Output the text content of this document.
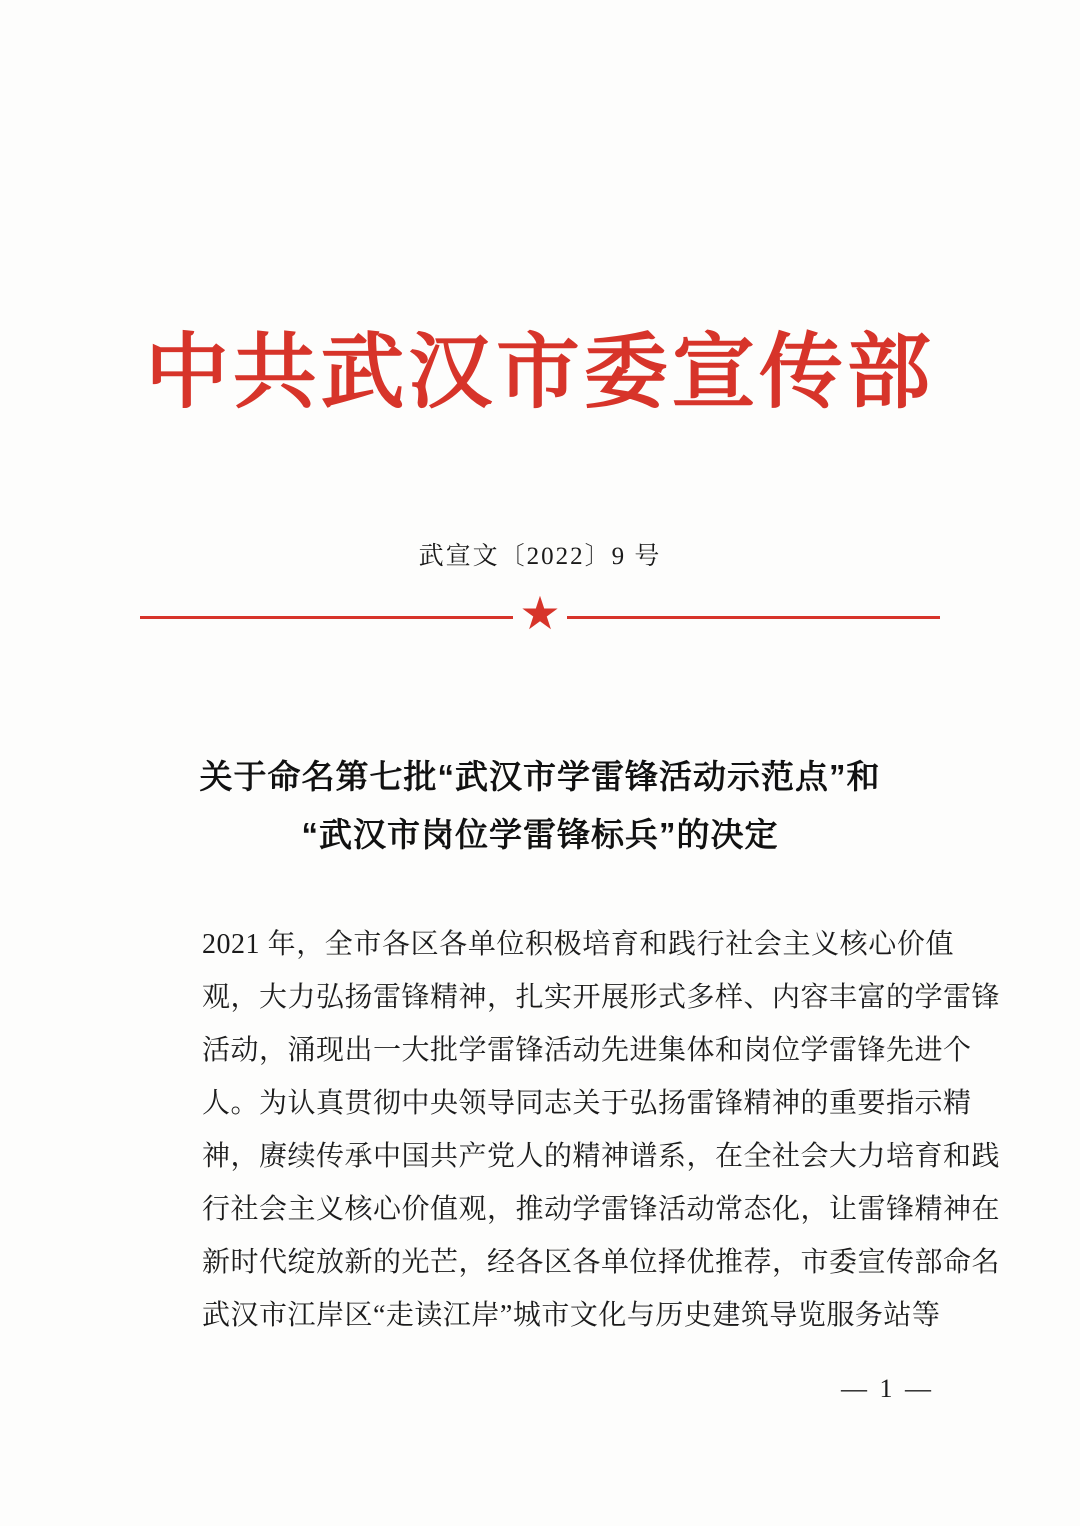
中共武汉市委宣传部
武宣文〔2022〕9 号
★
关于命名第七批“武汉市学雷锋活动示范点”和
“武汉市岗位学雷锋标兵”的决定

2021 年，全市各区各单位积极培育和践行社会主义核心价值
观，大力弘扬雷锋精神，扎实开展形式多样、内容丰富的学雷锋
活动，涌现出一大批学雷锋活动先进集体和岗位学雷锋先进个
人。为认真贯彻中央领导同志关于弘扬雷锋精神的重要指示精
神，赓续传承中国共产党人的精神谱系，在全社会大力培育和践
行社会主义核心价值观，推动学雷锋活动常态化，让雷锋精神在
新时代绽放新的光芒，经各区各单位择优推荐，市委宣传部命名
武汉市江岸区“走读江岸”城市文化与历史建筑导览服务站等

— 1 —
